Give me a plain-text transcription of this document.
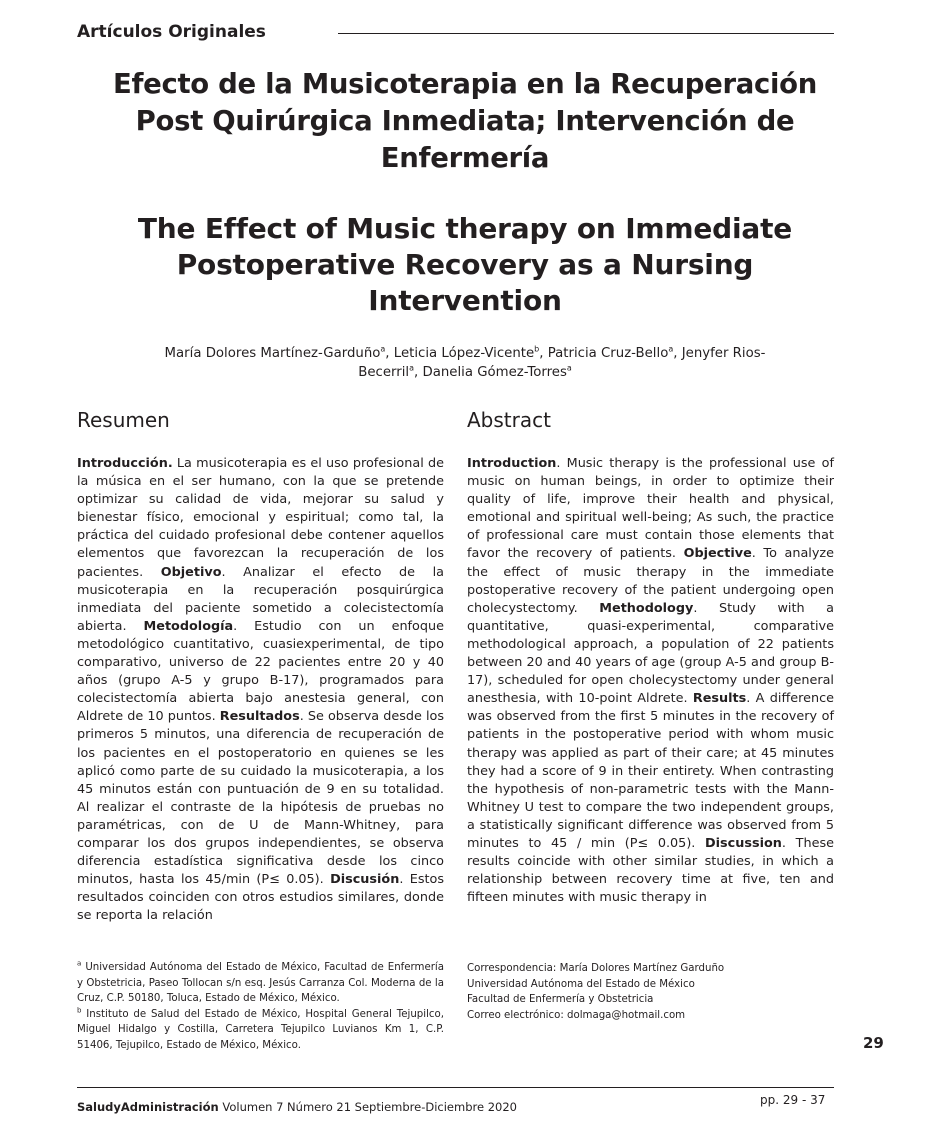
Artículos Originales
Efecto de la Musicoterapia en la Recuperación Post Quirúrgica Inmediata; Intervención de Enfermería
The Effect of Music therapy on Immediate Postoperative Recovery as a Nursing Intervention
María Dolores Martínez-Garduño$^a$, Leticia López-Vicente$^b$, Patricia Cruz-Bello$^a$, Jenyfer Rios-Becerril$^a$, Danelia Gómez-Torres$^a$
Resumen	Abstract
Introducción. La musicoterapia es el uso profesional de la música en el ser humano, con la que se pretende optimizar su calidad de vida, mejorar su salud y bienestar físico, emocional y espiritual; como tal, la práctica del cuidado profesional debe contener aquellos elementos que favorezcan la recuperación de los pacientes. Objetivo. Analizar el efecto de la musicoterapia en la recuperación posquirúrgica inmediata del paciente sometido a colecistectomía abierta. Metodología. Estudio con un enfoque metodológico cuantitativo, cuasiexperimental, de tipo comparativo, universo de 22 pacientes entre 20 y 40 años (grupo A-5 y grupo B-17), programados para colecistectomía abierta bajo anestesia general, con Aldrete de 10 puntos. Resultados. Se observa desde los primeros 5 minutos, una diferencia de recuperación de los pacientes en el postoperatorio en quienes se les aplicó como parte de su cuidado la musicoterapia, a los 45 minutos están con puntuación de 9 en su totalidad. Al realizar el contraste de la hipótesis de pruebas no paramétricas, con de U de Mann-Whitney, para comparar los dos grupos independientes, se observa diferencia estadística significativa desde los cinco minutos, hasta los 45/min (P≤ 0.05). Discusión. Estos resultados coinciden con otros estudios similares, donde se reporta la relación
Introduction. Music therapy is the professional use of music on human beings, in order to optimize their quality of life, improve their health and physical, emotional and spiritual well-being; As such, the practice of professional care must contain those elements that favor the recovery of patients. Objective. To analyze the effect of music therapy in the immediate postoperative recovery of the patient undergoing open cholecystectomy. Methodology. Study with a quantitative, quasi-experimental, comparative methodological approach, a population of 22 patients between 20 and 40 years of age (group A-5 and group B-17), scheduled for open cholecystectomy under general anesthesia, with 10-point Aldrete. Results. A difference was observed from the first 5 minutes in the recovery of patients in the postoperative period with whom music therapy was applied as part of their care; at 45 minutes they had a score of 9 in their entirety. When contrasting the hypothesis of non-parametric tests with the Mann-Whitney U test to compare the two independent groups, a statistically significant difference was observed from 5 minutes to 45 / min (P≤ 0.05). Discussion. These results coincide with other similar studies, in which a relationship between recovery time at five, ten and fifteen minutes with music therapy in

$^a$ Universidad Autónoma del Estado de México, Facultad de Enfermería y Obstetricia, Paseo Tollocan s/n esq. Jesús Carranza Col. Moderna de la Cruz, C.P. 50180, Toluca, Estado de México, México.

$^b$ Instituto de Salud del Estado de México, Hospital General Tejupilco, Miguel Hidalgo y Costilla, Carretera Tejupilco Luvianos Km 1, C.P. 51406, Tejupilco, Estado de México, México.

Correspondencia: María Dolores Martínez Garduño
Universidad Autónoma del Estado de México
Facultad de Enfermería y Obstetricia
Correo electrónico: dolmaga@hotmail.com
29
SaludyAdministración Volumen 7 Número 21 Septiembre-Diciembre 2020	pp. 29 - 37
